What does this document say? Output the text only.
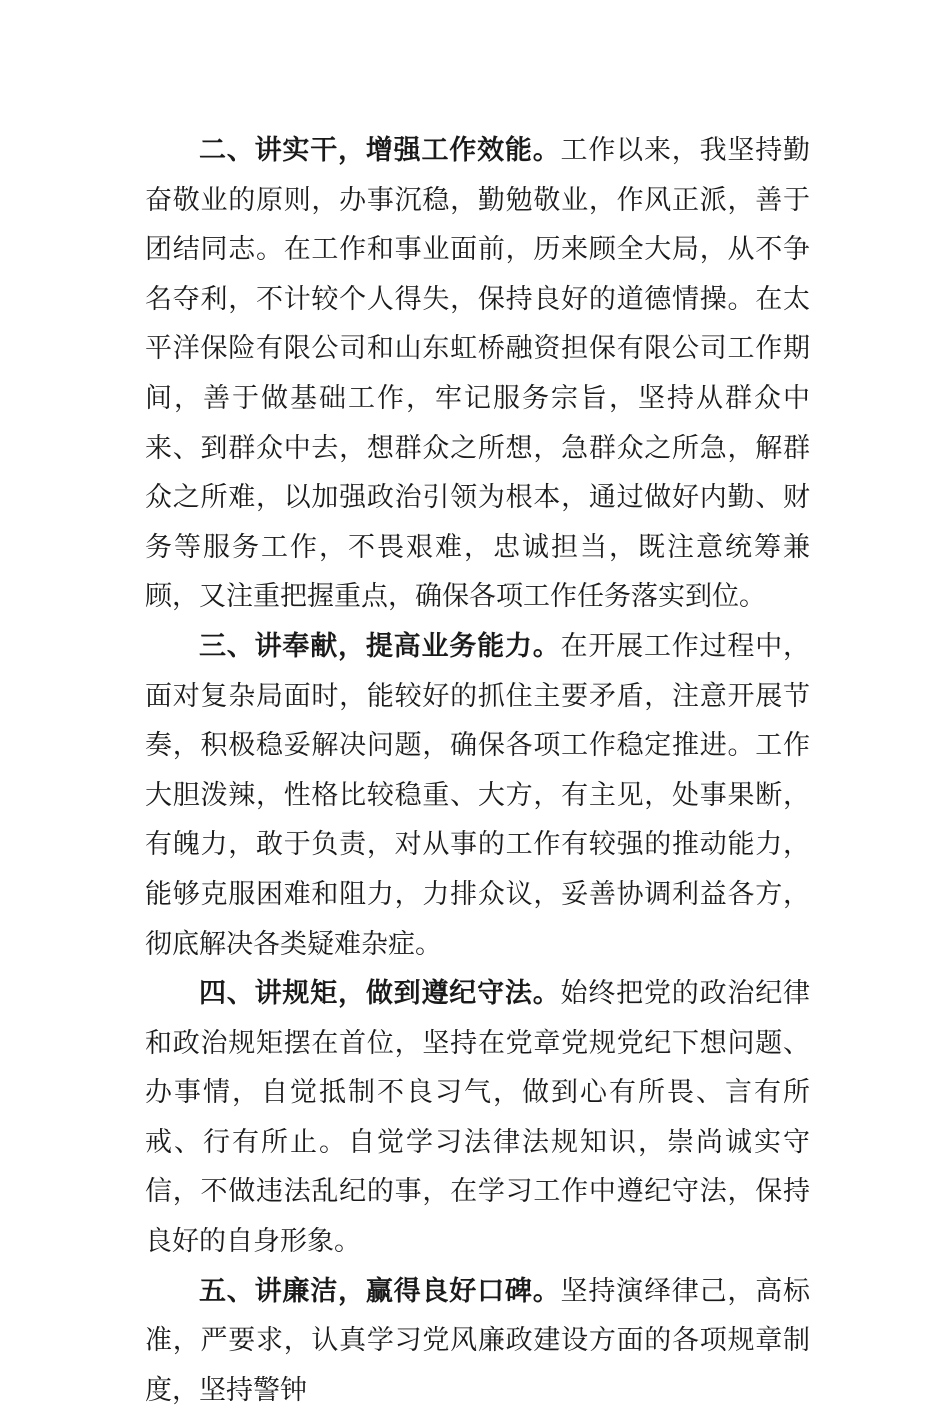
二、讲实干，增强工作效能。工作以来，我坚持勤奋敬业的原则，办事沉稳，勤勉敬业，作风正派，善于团结同志。在工作和事业面前，历来顾全大局，从不争名夺利，不计较个人得失，保持良好的道德情操。在太平洋保险有限公司和山东虹桥融资担保有限公司工作期间，善于做基础工作，牢记服务宗旨，坚持从群众中来、到群众中去，想群众之所想，急群众之所急，解群众之所难，以加强政治引领为根本，通过做好内勤、财务等服务工作，不畏艰难，忠诚担当，既注意统筹兼顾，又注重把握重点，确保各项工作任务落实到位。

三、讲奉献，提高业务能力。在开展工作过程中，面对复杂局面时，能较好的抓住主要矛盾，注意开展节奏，积极稳妥解决问题，确保各项工作稳定推进。工作大胆泼辣，性格比较稳重、大方，有主见，处事果断，有魄力，敢于负责，对从事的工作有较强的推动能力，能够克服困难和阻力，力排众议，妥善协调利益各方，彻底解决各类疑难杂症。

四、讲规矩，做到遵纪守法。始终把党的政治纪律和政治规矩摆在首位，坚持在党章党规党纪下想问题、办事情，自觉抵制不良习气，做到心有所畏、言有所戒、行有所止。自觉学习法律法规知识，崇尚诚实守信，不做违法乱纪的事，在学习工作中遵纪守法，保持良好的自身形象。

五、讲廉洁，赢得良好口碑。坚持演绎律己，高标准，严要求，认真学习党风廉政建设方面的各项规章制度，坚持警钟
